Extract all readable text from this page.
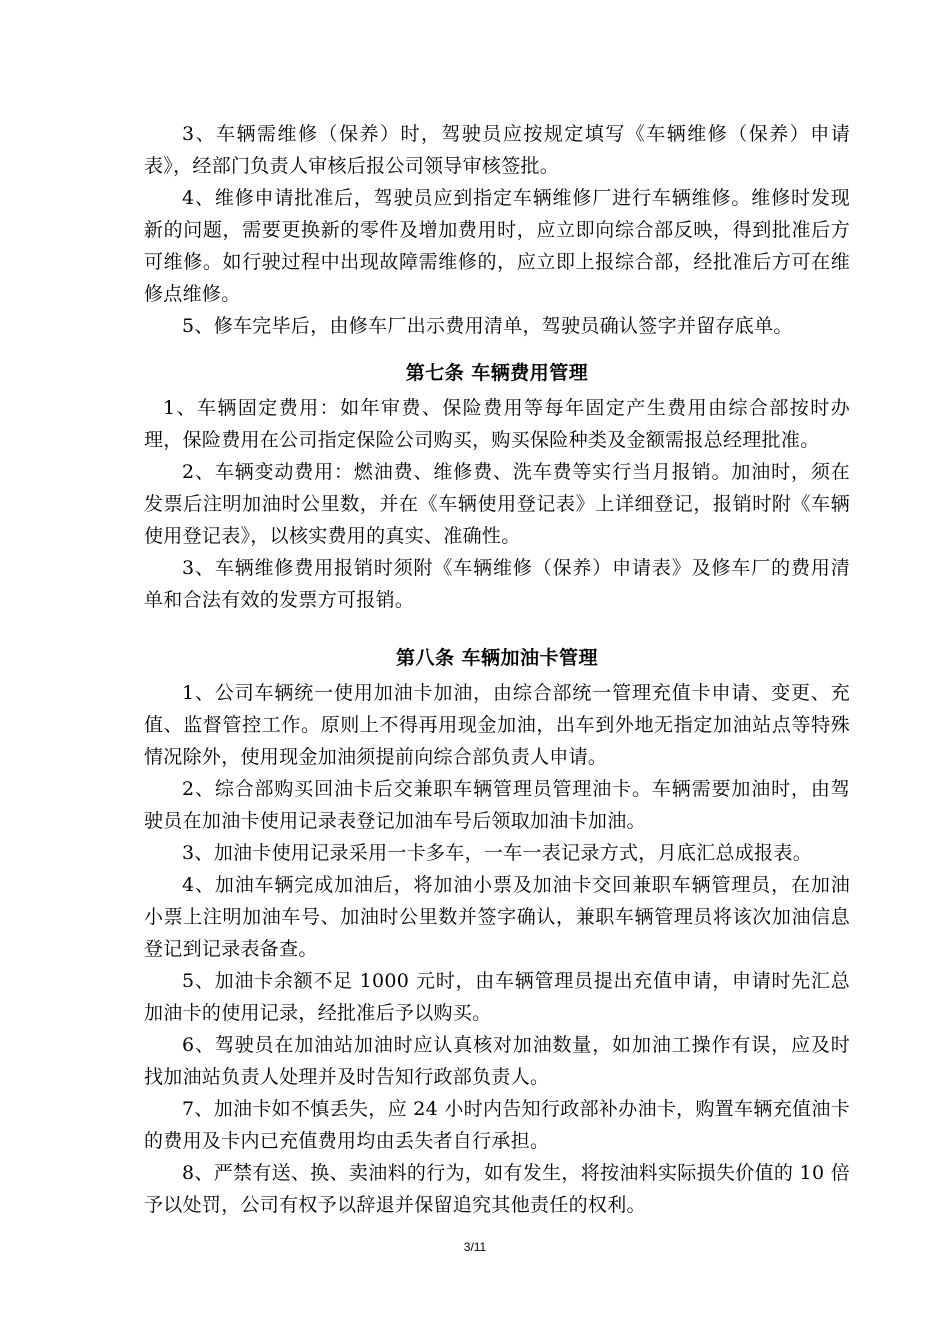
3、车辆需维修（保养）时，驾驶员应按规定填写《车辆维修（保养）申请表》，经部门负责人审核后报公司领导审核签批。

4、维修申请批准后，驾驶员应到指定车辆维修厂进行车辆维修。维修时发现新的问题，需要更换新的零件及增加费用时，应立即向综合部反映，得到批准后方可维修。如行驶过程中出现故障需维修的，应立即上报综合部，经批准后方可在维修点维修。

5、修车完毕后，由修车厂出示费用清单，驾驶员确认签字并留存底单。

第七条 车辆费用管理

1、车辆固定费用：如年审费、保险费用等每年固定产生费用由综合部按时办理，保险费用在公司指定保险公司购买，购买保险种类及金额需报总经理批准。

2、车辆变动费用：燃油费、维修费、洗车费等实行当月报销。加油时，须在发票后注明加油时公里数，并在《车辆使用登记表》上详细登记，报销时附《车辆使用登记表》，以核实费用的真实、准确性。

3、车辆维修费用报销时须附《车辆维修（保养）申请表》及修车厂的费用清单和合法有效的发票方可报销。

第八条 车辆加油卡管理

1、公司车辆统一使用加油卡加油，由综合部统一管理充值卡申请、变更、充值、监督管控工作。原则上不得再用现金加油，出车到外地无指定加油站点等特殊情况除外，使用现金加油须提前向综合部负责人申请。

2、综合部购买回油卡后交兼职车辆管理员管理油卡。车辆需要加油时，由驾驶员在加油卡使用记录表登记加油车号后领取加油卡加油。

3、加油卡使用记录采用一卡多车，一车一表记录方式，月底汇总成报表。

4、加油车辆完成加油后，将加油小票及加油卡交回兼职车辆管理员，在加油小票上注明加油车号、加油时公里数并签字确认，兼职车辆管理员将该次加油信息登记到记录表备查。

5、加油卡余额不足 1000 元时，由车辆管理员提出充值申请，申请时先汇总加油卡的使用记录，经批准后予以购买。

6、驾驶员在加油站加油时应认真核对加油数量，如加油工操作有误，应及时找加油站负责人处理并及时告知行政部负责人。

7、加油卡如不慎丢失，应 24 小时内告知行政部补办油卡，购置车辆充值油卡的费用及卡内已充值费用均由丢失者自行承担。

8、严禁有送、换、卖油料的行为，如有发生，将按油料实际损失价值的 10 倍予以处罚，公司有权予以辞退并保留追究其他责任的权利。

3/11
